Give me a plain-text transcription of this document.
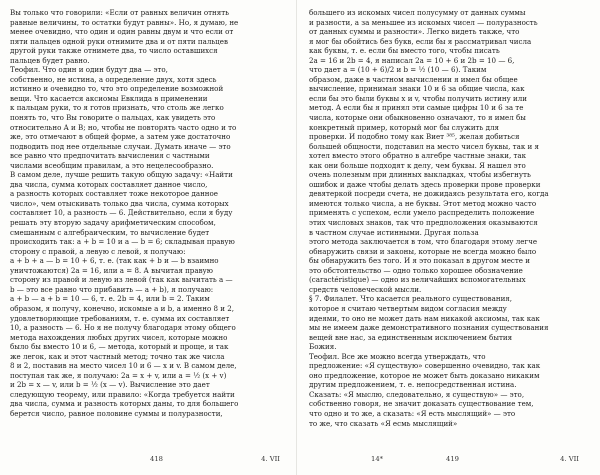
Вы только что говорили: «Если от равных величин отнять

равные величины, то остатки будут равны». Но, я думаю, не

менее очевидно, что один и один равны двум и что если от

пяти пальцев одной руки отнимите два и от пяти пальцев

другой руки также отнимете два, то число оставшихся

пальцев будет равно.

Теофил. Что один и один будут два — это,

собственно, не истина, а определение двух, хотя здесь

истинно и очевидно то, что это определение возможной

вещи. Что касается аксиомы Евклида в применении

к пальцам руки, то я готов признать, что столь же легко

понять то, что Вы говорите о пальцах, как увидеть это

относительно A и B; но, чтобы не повторять часто одно и то

же, это отмечают в общей форме, а затем уже достаточно

подводить под нее отдельные случаи. Думать иначе — это

все равно что предпочитать вычисления с частными

числами всеобщим правилам, а это нецелесообразно.

В самом деле, лучше решить такую общую задачу: «Найти

два числа, сумма которых составляет данное число,

а разность которых составляет тоже некоторое данное

число», чем отыскивать только два числа, сумма которых

составляет 10, а разность — 6. Действительно, если я буду

решать эту вторую задачу арифметическим способом,

смешанным с алгебраическим, то вычисление будет

происходить так: a + b = 10 и a — b = 6; складывая правую

сторону с правой, а левую с левой, я получаю:

a + b + a — b = 10 + 6, т. е. (так как + b и — b взаимно

уничтожаются) 2a = 16, или a = 8. А вычитая правую

сторону из правой и левую из левой (так как вычитать a —

b — это все равно что прибавить — a + b), я получаю:

a + b — a + b = 10 — 6, т. е. 2b = 4, или b = 2. Таким

образом, я получу, конечно, искомые a и b, а именно 8 и 2,

удовлетворяющие требованиям, т. е. сумма их составляет

10, а разность — 6. Но я не получу благодаря этому общего

метода нахождения любых других чисел, которые можно

было бы вместо 10 и 6, — метода, который и проще, и так

же легок, как и этот частный метод; точно так же числа

8 и 2, поставив на место чисел 10 и 6 — x и v. В самом деле,

поступая так же, я получаю: 2a = x + v, или a = ½ (x + v)

и 2b = x — v, или b = ½ (x — v). Вычисление это дает

следующую теорему, или правило: «Когда требуется найти

два числа, сумма и разность которых даны, то для большего

берется число, равное половине суммы и полуразности,

418	4. VII

большего из искомых чисел полусумму от данных суммы

и разности, а за меньшее из искомых чисел — полуразность

от данных суммы и разности». Легко видеть также, что

я мог бы обойтись без букв, если бы я рассматривал числа

как буквы, т. е. если бы вместо того, чтобы писать

2a = 16 и 2b = 4, я написал 2a = 10 + 6 и 2b = 10 — 6,

что дает a = (10 + 6)/2 и b = ½ (10 — 6). Таким

образом, даже в частном вычислении я имел бы общее

вычисление, принимая знаки 10 и 6 за общие числа, как

если бы это были буквы x и v, чтобы получить истину или

метод. А если бы я принял эти самые цифры 10 и 6 за те

числа, которые они обыкновенно означают, то я имел бы

конкретный пример, который мог бы служить для

проверки. И подобно тому как Виет ³⁸⁵, желая добиться

большей общности, подставил на место чисел буквы, так и я

хотел вместо этого обратно в алгебре частные знаки, так

как они больше подходят к делу, чем буквы. Я нашел это

очень полезным при длинных выкладках, чтобы избегнуть

ошибок и даже чтобы делать здесь проверки прове проверки

девятеркой посреди счета, не дожидаясь результата его, когда

имеются только числа, а не буквы. Этот метод можно часто

применять с успехом, если умело распределить положение

этих числовых знаков, так что предположения оказываются

в частном случае истинными. Другая польза

этого метода заключается в том, что благодаря этому легче

обнаружить связи и законы, которые не всегда можно было

бы обнаружить без того. И я это показал в другом месте и

это обстоятельство — одно только хорошее обозначение

(caractéristique) — одно из величайших вспомогательных

средств человеческой мысли.

§ 7. Филалет. Что касается реального существования,

которое я считаю четвертым видом согласия между

идеями, то оно не может дать нам никакой аксиомы, так как

мы не имеем даже демонстративного познания существования

вещей вне нас, за единственным исключением бытия

Божия.

Теофил. Все же можно всегда утверждать, что

предложение: «Я существую» совершенно очевидно, так как

оно предложение, которое не может быть доказано никаким

другим предложением, т. е. непосредственная истина.

Сказать: «Я мыслю, следовательно, я существую» — это,

собственно говоря, не значит доказать существование тем,

что одно и то же, а сказать: «Я есть мыслящий» — это

то же, что сказать «Я есмь мыслящий»

14*	419	4. VII
